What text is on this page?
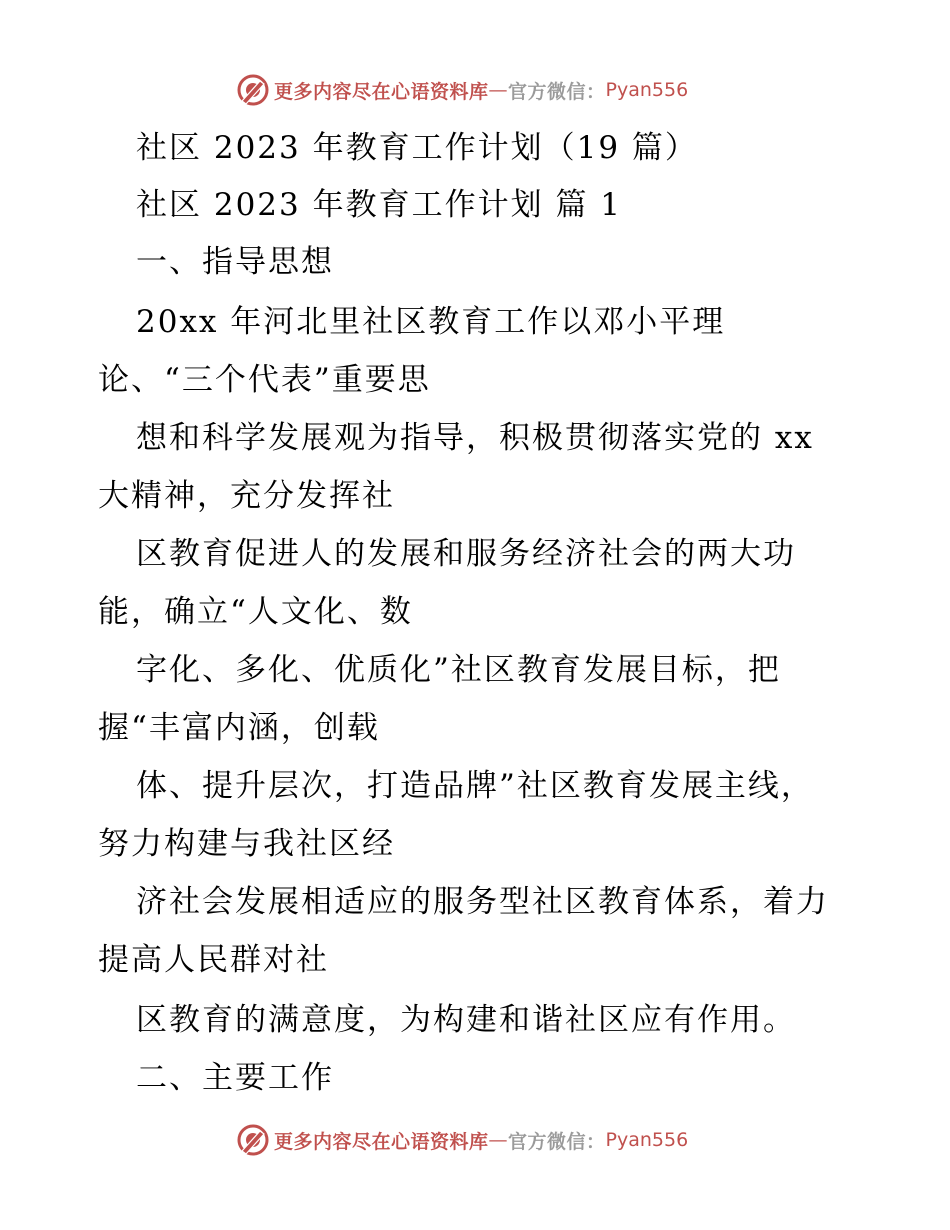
更多内容尽在心语资料库 — 官方微信： Pyan556
社区 2023 年教育工作计划（19 篇）
社区 2023 年教育工作计划 篇 1
一、指导思想
20xx 年河北里社区教育工作以邓小平理
论、“三个代表”重要思
想和科学发展观为指导，积极贯彻落实党的 xx
大精神，充分发挥社
区教育促进人的发展和服务经济社会的两大功
能，确立“人文化、数
字化、多化、优质化”社区教育发展目标，把
握“丰富内涵，创载
体、提升层次，打造品牌”社区教育发展主线，
努力构建与我社区经
济社会发展相适应的服务型社区教育体系，着力
提高人民群对社
区教育的满意度，为构建和谐社区应有作用。
二、主要工作
更多内容尽在心语资料库 — 官方微信： Pyan556
